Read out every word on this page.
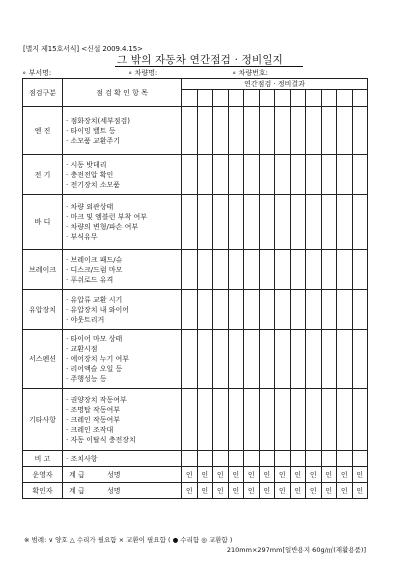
[별지 제15호서식] <신설 2009.4.15>
그 밖의 자동차 연간점검 · 정비일지
∘ 부서명:	∘ 차량명:	∘ 차량번호:
점검구분	점 검 확 인 항 목	연간점검 · 정비결과											

엔 진	· 점화장치(세부점검)
· 타이밍 밸트 등
· 소모품 교환주기												

전 기	· 시동 밧데리
· 충전전압 확인
· 전기장치 소모품												

바 디	· 차량 외관상태
· 마크 및 엠블런 부착 여부
· 차량의 변형/파손 여부
· 부식유무												

브레이크	· 브레이크 패드/슈
· 디스크/드럼 마모
· 푸쉬로드 유격												

유압장치	· 유압류 교환 시기
· 유압장치 내 와이어
· 야웃트리거												

서스펜션	· 타이어 마모 상태
· 교환시점
· 에어장치 누기 여부
· 리어액슬 오일 등
· 주행성능 등												

기타사항	· 권양장치 작동여부
· 조명탑 작동여부
· 크레인 작동여부
· 크레인 조작대
· 자동 이탈식 충전장치												

비 고	· 조치사항												

운영자	계 급 성명	인	인	인	인	인	인	인	인	인	인	인	인
확인자	계 급 성명	인	인	인	인	인	인	인	인	인	인	인	인
※ 범례: ∨ 양호 △ 수리가 필요함 × 교환이 필요함 ( ● 수리함 ◎ 교환함 )
210mm×297mm[일반용지 60g/㎡(재활용품)]
